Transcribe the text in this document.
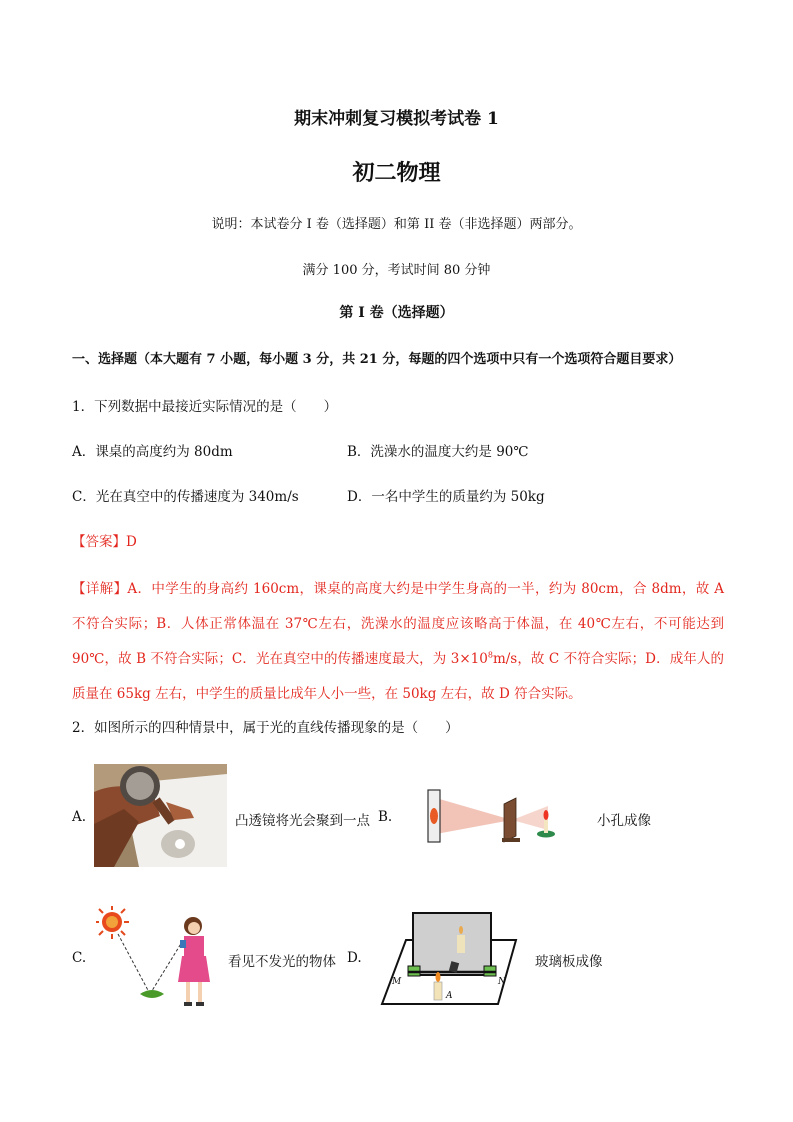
期末冲刺复习模拟考试卷 1
初二物理
说明：本试卷分 I 卷（选择题）和第 II 卷（非选择题）两部分。
满分 100 分，考试时间 80 分钟
第 I 卷（选择题）
一、选择题（本大题有 7 小题，每小题 3 分，共 21 分，每题的四个选项中只有一个选项符合题目要求）
1．下列数据中最接近实际情况的是（　　）
A．课桌的高度约为 80dm	B．洗澡水的温度大约是 90℃
C．光在真空中的传播速度为 340m/s	D．一名中学生的质量约为 50kg
【答案】D
【详解】A．中学生的身高约 160cm，课桌的高度大约是中学生身高的一半，约为 80cm，合 8dm，故 A 不符合实际；B．人体正常体温在 37℃左右，洗澡水的温度应该略高于体温，在 40℃左右，不可能达到 90℃，故 B 不符合实际；C．光在真空中的传播速度最大，为 $3\times 10^8m/s$，故 C 不符合实际；D．成年人的质量在 65kg 左右，中学生的质量比成年人小一些，在 50kg 左右，故 D 符合实际。
2．如图所示的四种情景中，属于光的直线传播现象的是（　　）
A.	凸透镜将光会聚到一点 B.	小孔成像
C.	看见不发光的物体 D.
M	N
A
玻璃板成像
